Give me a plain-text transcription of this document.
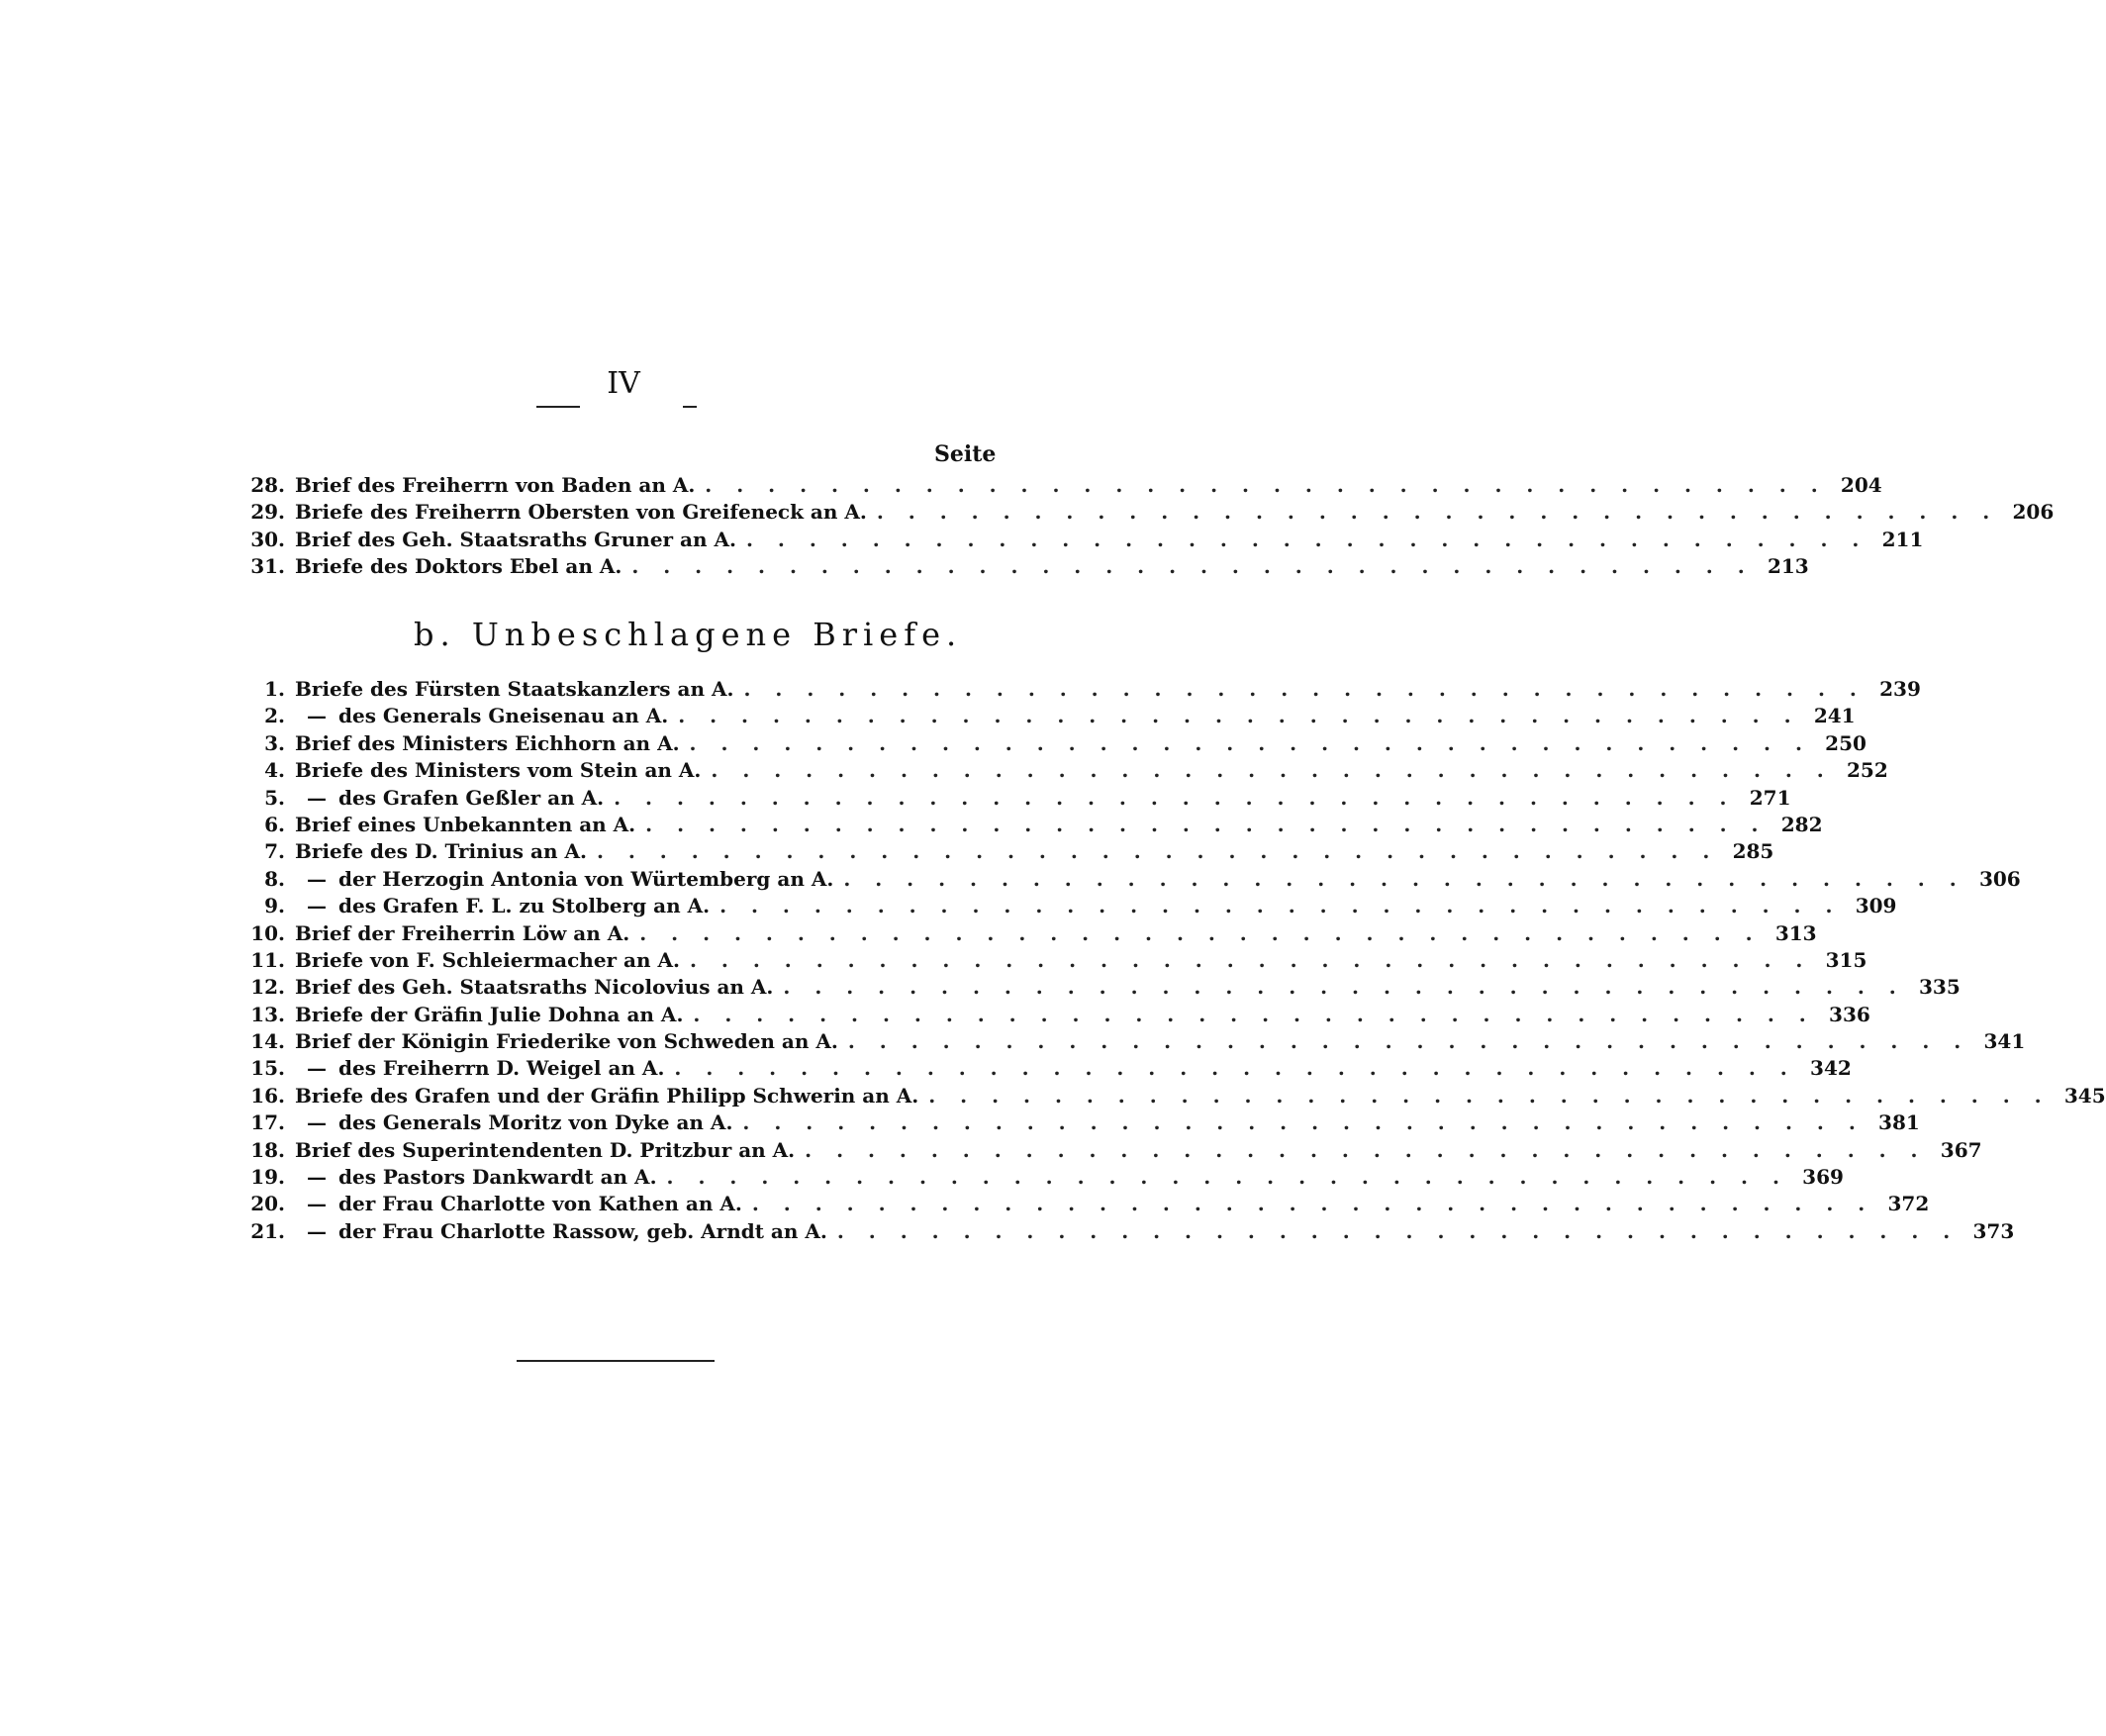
IV
Seite
28. Brief des Freiherrn von Baden an A. . . . . . . . . . . . . . . . . . . . . . . . . . . . . . . . . . . . . 204
29. Briefe des Freiherrn Obersten von Greifeneck an A. . . . . . . . . . . . . . . . . . . . . . . . . . . . . . . . . . . . . 206
30. Brief des Geh. Staatsraths Gruner an A. . . . . . . . . . . . . . . . . . . . . . . . . . . . . . . . . . . . . 211
31. Briefe des Doktors Ebel an A. . . . . . . . . . . . . . . . . . . . . . . . . . . . . . . . . . . . . 213
b. Unbeschlagene Briefe.
1. Briefe des Fürsten Staatskanzlers an A. . . . . . . . . . . . . . . . . . . . . . . . . . . . . . . . . . . . . 239
2.	— des Generals Gneisenau an A. . . . . . . . . . . . . . . . . . . . . . . . . . . . . . . . . . . . . 241
3. Brief des Ministers Eichhorn an A. . . . . . . . . . . . . . . . . . . . . . . . . . . . . . . . . . . . . 250
4. Briefe des Ministers vom Stein an A. . . . . . . . . . . . . . . . . . . . . . . . . . . . . . . . . . . . . 252
5.	— des Grafen Geßler an A. . . . . . . . . . . . . . . . . . . . . . . . . . . . . . . . . . . . . 271
6. Brief eines Unbekannten an A. . . . . . . . . . . . . . . . . . . . . . . . . . . . . . . . . . . . . 282
7. Briefe des D. Trinius an A. . . . . . . . . . . . . . . . . . . . . . . . . . . . . . . . . . . . . 285
8.	— der Herzogin Antonia von Würtemberg an A. . . . . . . . . . . . . . . . . . . . . . . . . . . . . . . . . . . . . 306
9.	— des Grafen F. L. zu Stolberg an A. . . . . . . . . . . . . . . . . . . . . . . . . . . . . . . . . . . . . 309
10. Brief der Freiherrin Löw an A. . . . . . . . . . . . . . . . . . . . . . . . . . . . . . . . . . . . . 313
11. Briefe von F. Schleiermacher an A. . . . . . . . . . . . . . . . . . . . . . . . . . . . . . . . . . . . . 315
12. Brief des Geh. Staatsraths Nicolovius an A. . . . . . . . . . . . . . . . . . . . . . . . . . . . . . . . . . . . . 335
13. Briefe der Gräfin Julie Dohna an A. . . . . . . . . . . . . . . . . . . . . . . . . . . . . . . . . . . . . 336
14. Brief der Königin Friederike von Schweden an A. . . . . . . . . . . . . . . . . . . . . . . . . . . . . . . . . . . . . 341
15.	— des Freiherrn D. Weigel an A. . . . . . . . . . . . . . . . . . . . . . . . . . . . . . . . . . . . . 342
16. Briefe des Grafen und der Gräfin Philipp Schwerin an A. . . . . . . . . . . . . . . . . . . . . . . . . . . . . . . . . . . . . 345
17.	— des Generals Moritz von Dyke an A. . . . . . . . . . . . . . . . . . . . . . . . . . . . . . . . . . . . . 381
18. Brief des Superintendenten D. Pritzbur an A. . . . . . . . . . . . . . . . . . . . . . . . . . . . . . . . . . . . . 367
19.	— des Pastors Dankwardt an A. . . . . . . . . . . . . . . . . . . . . . . . . . . . . . . . . . . . . 369
20.	— der Frau Charlotte von Kathen an A. . . . . . . . . . . . . . . . . . . . . . . . . . . . . . . . . . . . . 372
21.	— der Frau Charlotte Rassow, geb. Arndt an A. . . . . . . . . . . . . . . . . . . . . . . . . . . . . . . . . . . . . 373
